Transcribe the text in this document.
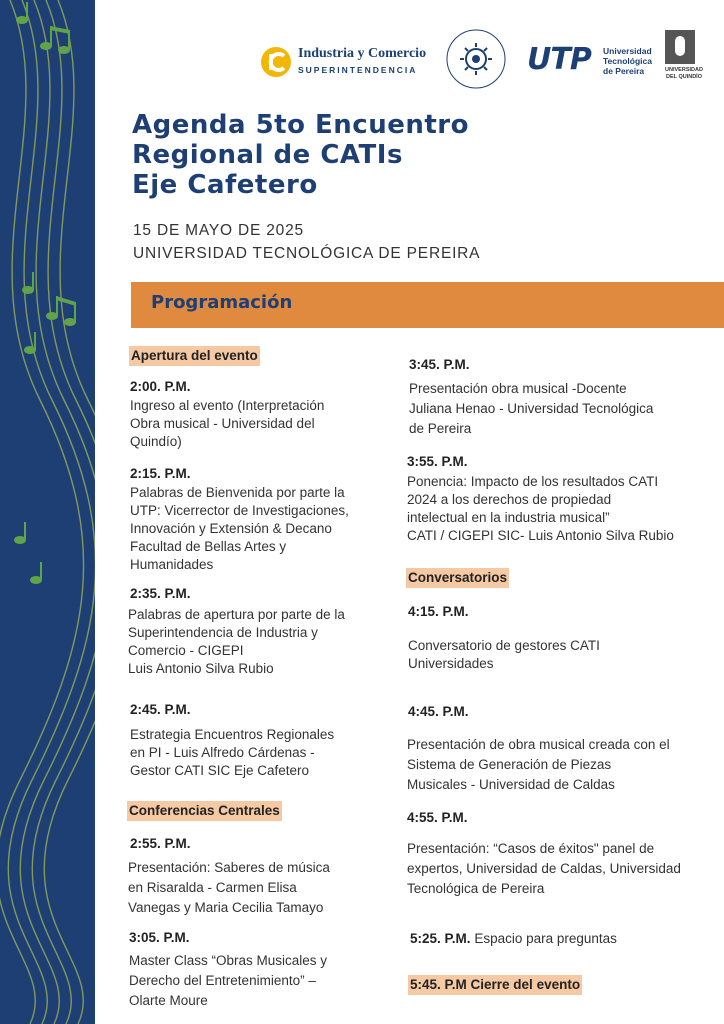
Industria y Comercio
SUPERINTENDENCIA	UTP Universidad
Tecnológica
de Pereira	UNIVERSIDAD
DEL QUINDÍO
Agenda 5to Encuentro
Regional de CATIs
Eje Cafetero
15 DE MAYO DE 2025
UNIVERSIDAD TECNOLÓGICA DE PEREIRA
Programación
Apertura del evento
2:00. P.M.
Ingreso al evento (Interpretación
Obra musical - Universidad del
Quindío)
2:15. P.M.
Palabras de Bienvenida por parte la
UTP: Vicerrector de Investigaciones,
Innovación y Extensión & Decano
Facultad de Bellas Artes y
Humanidades
2:35. P.M.
Palabras de apertura por parte de la
Superintendencia de Industria y
Comercio - CIGEPI
Luis Antonio Silva Rubio
2:45. P.M.
Estrategia Encuentros Regionales
en PI - Luis Alfredo Cárdenas -
Gestor CATI SIC Eje Cafetero
Conferencias Centrales
2:55. P.M.
Presentación: Saberes de música
en Risaralda - Carmen Elisa
Vanegas y Maria Cecilia Tamayo
3:05. P.M.
Master Class “Obras Musicales y
Derecho del Entretenimiento” –
Olarte Moure
3:45. P.M.
Presentación obra musical -Docente
Juliana Henao - Universidad Tecnológica
de Pereira
3:55. P.M.
Ponencia: Impacto de los resultados CATI
2024 a los derechos de propiedad
intelectual en la industria musical”
CATI / CIGEPI SIC- Luis Antonio Silva Rubio
Conversatorios
4:15. P.M.
Conversatorio de gestores CATI
Universidades
4:45. P.M.
Presentación de obra musical creada con el
Sistema de Generación de Piezas
Musicales - Universidad de Caldas
4:55. P.M.
Presentación: “Casos de éxitos" panel de
expertos, Universidad de Caldas, Universidad
Tecnológica de Pereira
5:25. P.M. Espacio para preguntas
5:45. P.M Cierre del evento
